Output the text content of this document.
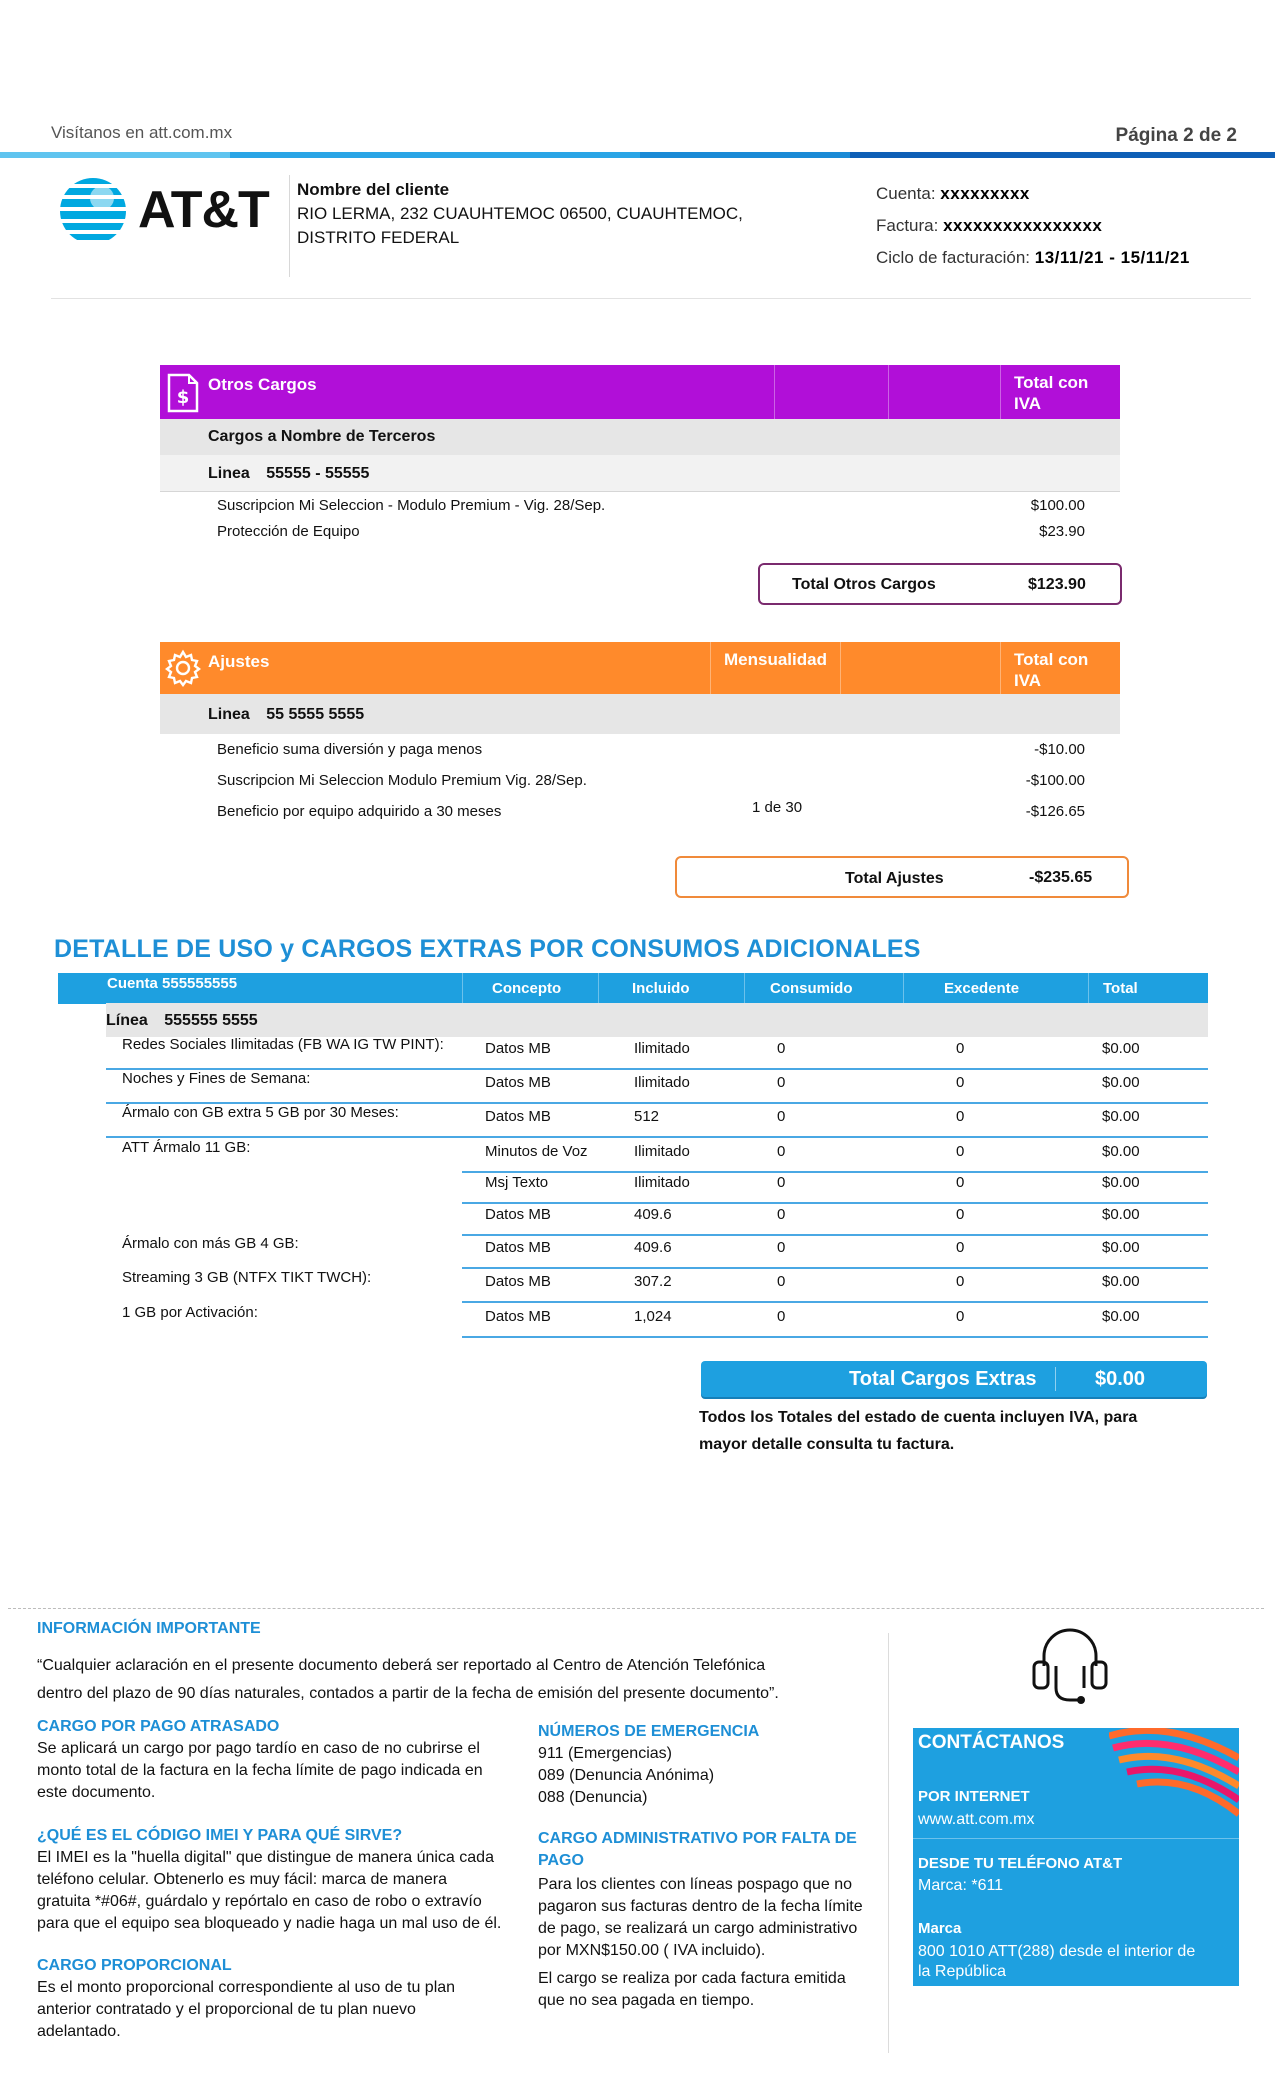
Visítanos en att.com.mx	Página 2 de 2
AT&T Nombre del cliente
RIO LERMA, 232 CUAUHTEMOC 06500, CUAUHTEMOC,
DISTRITO FEDERAL
Cuenta: xxxxxxxxx
Factura: xxxxxxxxxxxxxxxx
Ciclo de facturación: 13/11/21 - 15/11/21
$
Otros Cargos	Total con IVA
Cargos a Nombre de Terceros
Linea 55555 - 55555
Suscripcion Mi Seleccion - Modulo Premium - Vig. 28/Sep.	$100.00
Protección de Equipo	$23.90
Total Otros Cargos	$123.90
Ajustes	Mensualidad	Total con IVA
Linea 55 5555 5555
Beneficio suma diversión y paga menos	-$10.00
Suscripcion Mi Seleccion Modulo Premium Vig. 28/Sep.	-$100.00
Beneficio por equipo adquirido a 30 meses	1 de 30	-$126.65
Total Ajustes	-$235.65
DETALLE DE USO y CARGOS EXTRAS POR CONSUMOS ADICIONALES
Cuenta 555555555	Concepto	Incluido	Consumido	Excedente	Total
Línea 555555 5555
Redes Sociales Ilimitadas (FB WA IG TW PINT):	Datos MB	Ilimitado	0	0	$0.00
Noches y Fines de Semana:	Datos MB	Ilimitado	0	0	$0.00
Ármalo con GB extra 5 GB por 30 Meses:	Datos MB	512	0	0	$0.00
ATT Ármalo 11 GB:	Minutos de Voz	Ilimitado	0	0	$0.00
Msj Texto	Ilimitado	0	0	$0.00
Datos MB	409.6	0	0	$0.00
Ármalo con más GB 4 GB:	Datos MB	409.6	0	0	$0.00
Streaming 3 GB (NTFX TIKT TWCH):	Datos MB	307.2	0	0	$0.00
1 GB por Activación:	Datos MB	1,024	0	0	$0.00
Total Cargos Extras	$0.00
Todos los Totales del estado de cuenta incluyen IVA, para
mayor detalle consulta tu factura.
INFORMACIÓN IMPORTANTE
“Cualquier aclaración en el presente documento deberá ser reportado al Centro de Atención Telefónica
dentro del plazo de 90 días naturales, contados a partir de la fecha de emisión del presente documento”.
CARGO POR PAGO ATRASADO
Se aplicará un cargo por pago tardío en caso de no cubrirse el
monto total de la factura en la fecha límite de pago indicada en
este documento.
¿QUÉ ES EL CÓDIGO IMEI Y PARA QUÉ SIRVE?
El IMEI es la "huella digital" que distingue de manera única cada
teléfono celular. Obtenerlo es muy fácil: marca de manera
gratuita *#06#, guárdalo y repórtalo en caso de robo o extravío
para que el equipo sea bloqueado y nadie haga un mal uso de él.
CARGO PROPORCIONAL
Es el monto proporcional correspondiente al uso de tu plan
anterior contratado y el proporcional de tu plan nuevo
adelantado.
NÚMEROS DE EMERGENCIA
911 (Emergencias)
089 (Denuncia Anónima)
088 (Denuncia)
CARGO ADMINISTRATIVO POR FALTA DE
PAGO
Para los clientes con líneas pospago que no
pagaron sus facturas dentro de la fecha límite
de pago, se realizará un cargo administrativo
por MXN$150.00 ( IVA incluido).
El cargo se realiza por cada factura emitida
que no sea pagada en tiempo.
CONTÁCTANOS
POR INTERNET
www.att.com.mx
DESDE TU TELÉFONO AT&T
Marca: *611
Marca
800 1010 ATT(288) desde el interior de
la República
